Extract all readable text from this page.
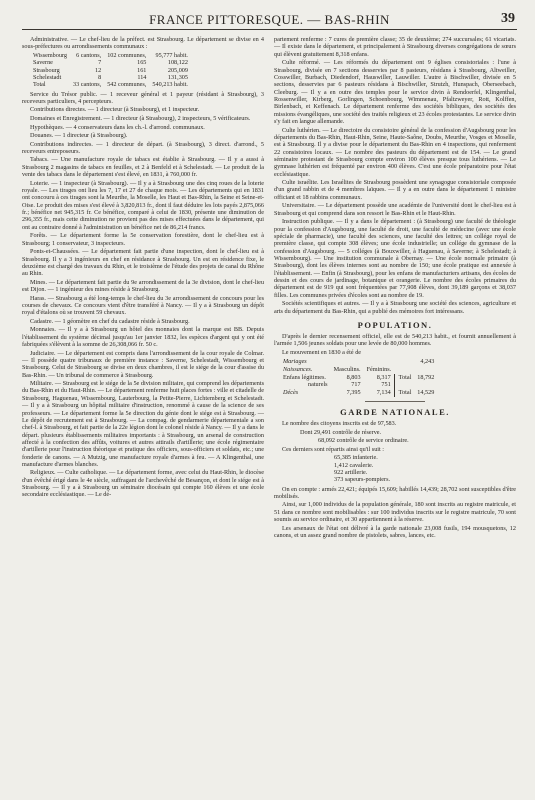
FRANCE PITTORESQUE. — BAS-RHIN	39

Administrative. — Le chef-lieu de la préfect. est Strasbourg. Le département se divise en 4 sous-préfectures ou arrondissements communaux :

Wissembourg	6 cantons,	102 communes,	95,777 habit.
Saverne	7	165	108,122
Strasbourg	12	161	205,009
Schelestadt	8	114	131,305
Total	33 cantons,	542 communes,	540,213 habit.

Service du Trésor public. — 1 receveur général et 1 payeur (résidant à Strasbourg), 3 receveurs particuliers, 4 percepteurs.

Contributions directes. — 1 directeur (à Strasbourg), et 1 inspecteur.

Domaines et Enregistrement. — 1 directeur (à Strasbourg), 2 inspecteurs, 5 vérificateurs.

Hypothèques. — 4 conservateurs dans les ch.-l. d'arrond. communaux.

Douanes. — 1 directeur (à Strasbourg).

Contributions indirectes. — 1 directeur de départ. (à Strasbourg), 3 direct. d'arrond., 5 receveurs entreposeurs.

Tabacs. — Une manufacture royale de tabacs est établie à Strasbourg. — Il y a aussi à Strasbourg 2 magasins de tabacs en feuilles, et 2 à Benfeld et à Schelestadt. — Le produit de la vente des tabacs dans le département s'est élevé, en 1831, à 760,000 fr.

Loterie. — 1 inspecteur (à Strasbourg). — Il y a à Strasbourg une des cinq roues de la loterie royale. — Les tirages ont lieu les 7, 17 et 27 de chaque mois. — Les départements qui en 1831 ont concouru à ces tirages sont la Meurthe, la Moselle, les Haut et Bas-Rhin, la Seine et Seine-et-Oise. Le produit des mises s'est élevé à 3,820,813 fr., dont il faut déduire les lots payés 2,875,066 fr.; bénéfice net 945,315 fr. Ce bénéfice, comparé à celui de 1830, présente une diminution de 296,355 fr., mais cette diminution ne provient pas des mises effectuées dans le département, qui ont au contraire donné à l'administration un bénéfice net de 86,214 francs.

Forêts. — Le département forme la 5e conservation forestière, dont le chef-lieu est à Strasbourg; 1 conservateur, 3 inspecteurs.

Ponts-et-Chaussées. — Le département fait partie d'une inspection, dont le chef-lieu est à Strasbourg. Il y a 3 ingénieurs en chef en résidance à Strasbourg. Un est en résidence fixe, le deuxième est chargé des travaux du Rhin, et le troisième de l'étude des projets de canal du Rhône au Rhin.

Mines. — Le département fait partie du 9e arrondissement de la 3e division, dont le chef-lieu est Dijon. — 1 ingénieur des mines réside à Strasbourg.

Haras. — Strasbourg a été long-temps le chef-lieu du 3e arrondissement de concours pour les courses de chevaux. Ce concours vient d'être transféré à Nancy. — Il y a à Strasbourg un dépôt royal d'étalons où se trouvent 59 chevaux.

Cadastre. — 1 géomètre en chef du cadastre réside à Strasbourg.

Monnaies. — Il y a à Strasbourg un hôtel des monnaies dont la marque est BB. Depuis l'établissement du système décimal jusqu'au 1er janvier 1832, les espèces d'argent qui y ont été fabriquées s'élèvent à la somme de 26,308,066 fr. 50 c.

Judiciaire. — Le département est compris dans l'arrondissement de la cour royale de Colmar. — Il possède quatre tribunaux de première instance : Saverne, Schelestadt, Wissembourg et Strasbourg. Celui de Strasbourg se divise en deux chambres, il est le siége de la cour d'assise du Bas-Rhin. — Un tribunal de commerce à Strasbourg.

Militaire. — Strasbourg est le siége de la 5e division militaire, qui comprend les départements du Bas-Rhin et du Haut-Rhin. — Le département renferme huit places fortes : ville et citadelle de Strasbourg, Haguenau, Wissembourg, Lauterbourg, la Petite-Pierre, Lichtemberg et Schelestadt. — Il y a à Strasbourg un hôpital militaire d'instruction, renommé à cause de la science de ses professeurs. — Le département forme la 5e direction du génie dont le siége est à Strasbourg. — Le dépôt de recrutement est à Strasbourg. — La compag. de gendarmerie départementale a son chef-l. à Strasbourg, et fait partie de la 22e légion dont le colonel réside à Nancy. — Il y a dans le départ. plusieurs établissements militaires importants : à Strasbourg, un arsenal de construction affecté à la confection des affûts, voitures et autres attirails d'artillerie; une école régimentaire d'artillerie pour l'instruction théorique et pratique des officiers, sous-officiers et soldats, etc.; une fonderie de canons. — A Mutzig, une manufacture royale d'armes à feu. — A Klingenthal, une manufacture d'armes blanches.

Religieux. — Culte catholique. — Le département forme, avec celui du Haut-Rhin, le diocèse d'un évêché érigé dans le 4e siècle, suffragant de l'archevêché de Besançon, et dont le siége est à Strasbourg. — Il y a à Strasbourg un séminaire diocésain qui compte 160 élèves et une école secondaire ecclésiastique. — Le dé-

partement renferme : 7 cures de première classe; 35 de deuxième; 274 succursales; 61 vicariats. — Il existe dans le département, et principalement à Strasbourg diverses congrégations de sœurs qui élèvent gratuitement 8,318 enfans.

Culte réformé. — Les réformés du département ont 9 églises consistoriales : l'une à Strasbourg, divisée en 7 sections desservies par 8 pasteurs, résidans à Strasbourg, Altweiller, Cosswiller, Burbach, Diedendorf, Hauswiller, Lauwiller. L'autre à Bischwiller, divisée en 5 sections, desservies par 6 pasteurs résidans à Bischwiller, Strutzh, Hunspach, Oberseebach, Cleeburg. — Il y a en outre des temples pour le service divin à Rendoerfel, Klingenthal, Rossenwiller, Kirberg, Gorlingen, Schoenbourg, Wimmenau, Pfaltzweyer, Rott, Kolffen, Birlenbach, et Keffenach. Le département renferme des sociétés bibliques, des sociétés des missions évangéliques, une société des traités religieux et 23 écoles protestantes. Le service divin s'y fait en langue allemande.

Culte luthérien. — Le directoire du consistoire général de la confession d'Augsbourg pour les départements du Bas-Rhin, Haut-Rhin, Seine, Haute-Saône, Doubs, Meurthe, Vosges et Moselle, est à Strasbourg. Il y a divise pour le département du Bas-Rhin en 4 inspections, qui renferment 22 consistoires locaux. — Le nombre des pasteurs du département est de 154. — Le grand séminaire protestant de Strasbourg compte environ 100 élèves presque tous luthériens. — Le gymnase luthérien est fréquenté par environ 400 élèves. C'est une école préparatoire pour l'état ecclésiastique.

Culte israélite. Les Israélites de Strasbourg possèdent une synagogue consistoriale composée d'un grand rabbin et de 4 membres laïques. — Il y a en outre dans le département 1 ministre officiant et 18 rabbins communaux.

Universitaire. — Le département possède une académie de l'université dont le chef-lieu est à Strasbourg et qui comprend dans son ressort le Bas-Rhin et le Haut-Rhin.

Instruction publique. — Il y a dans le département : (à Strasbourg) une faculté de théologie pour la confession d'Augsbourg, une faculté de droit, une faculté de médecine (avec une école spéciale de pharmacie), une faculté des sciences, une faculté des lettres; un collége royal de première classe, qui compte 308 élèves; une école industrielle; un collége du gymnase de la confession d'Augsbourg. — 5 colléges (à Bouxwiller, à Haguenau, à Saverne; à Schelestadt; à Wissembourg). — Une institution communale à Obernay. — Une école normale primaire (à Strasbourg), dont les élèves internes sont au nombre de 150; une école pratique est annexée à l'établissement. — Enfin (à Strasbourg), pour les enfans de manufacturiers artisans, des écoles de dessin et des cours de jardinage, botanique et orangerie. Le nombre des écoles primaires du département est de 919 qui sont fréquentées par 77,908 élèves, dont 39,189 garçons et 38,037 filles. Les communes privées d'écoles sont au nombre de 19.

Sociétés scientifiques et autres. — Il y a à Strasbourg une société des sciences, agriculture et arts du département du Bas-Rhin, qui a publié des mémoires fort intéressans.

POPULATION.

D'après le dernier recensement officiel, elle est de 540,213 habit., et fournit annuellement à l'armée 1,506 jeunes soldats pour une levée de 80,000 hommes.

Le mouvement en 1830 a été de

Mariages				4,243
Naissances.	Masculins.	Féminins.		
Enfans légitimes.	8,803	8,317	Total	18,792
naturels	717	751		
Décès	7,395	7,134	Total	14,529
GARDE NATIONALE.

Le nombre des citoyens inscrits est de 97,583.

Dont 29,491 contrôle de réserve.

68,092 contrôle de service ordinaire.

Ces derniers sont répartis ainsi qu'il suit :

65,385 infanterie.
1,412 cavalerie.
922 artillerie.
373 sapeurs-pompiers.

On en compte : armés 22,421; équipés 15,609; habillés 14,439; 28,702 sont susceptibles d'être mobilisés.

Ainsi, sur 1,000 individus de la population générale, 180 sont inscrits au registre matricule, et 51 dans ce nombre sont mobilisables : sur 100 individus inscrits sur le registre matricule, 70 sont soumis au service ordinaire, et 30 appartiennent à la réserve.

Les arsenaux de l'état ont délivré à la garde nationale 23,008 fusils, 194 mousquetons, 12 canons, et un assez grand nombre de pistolets, sabres, lances, etc.
